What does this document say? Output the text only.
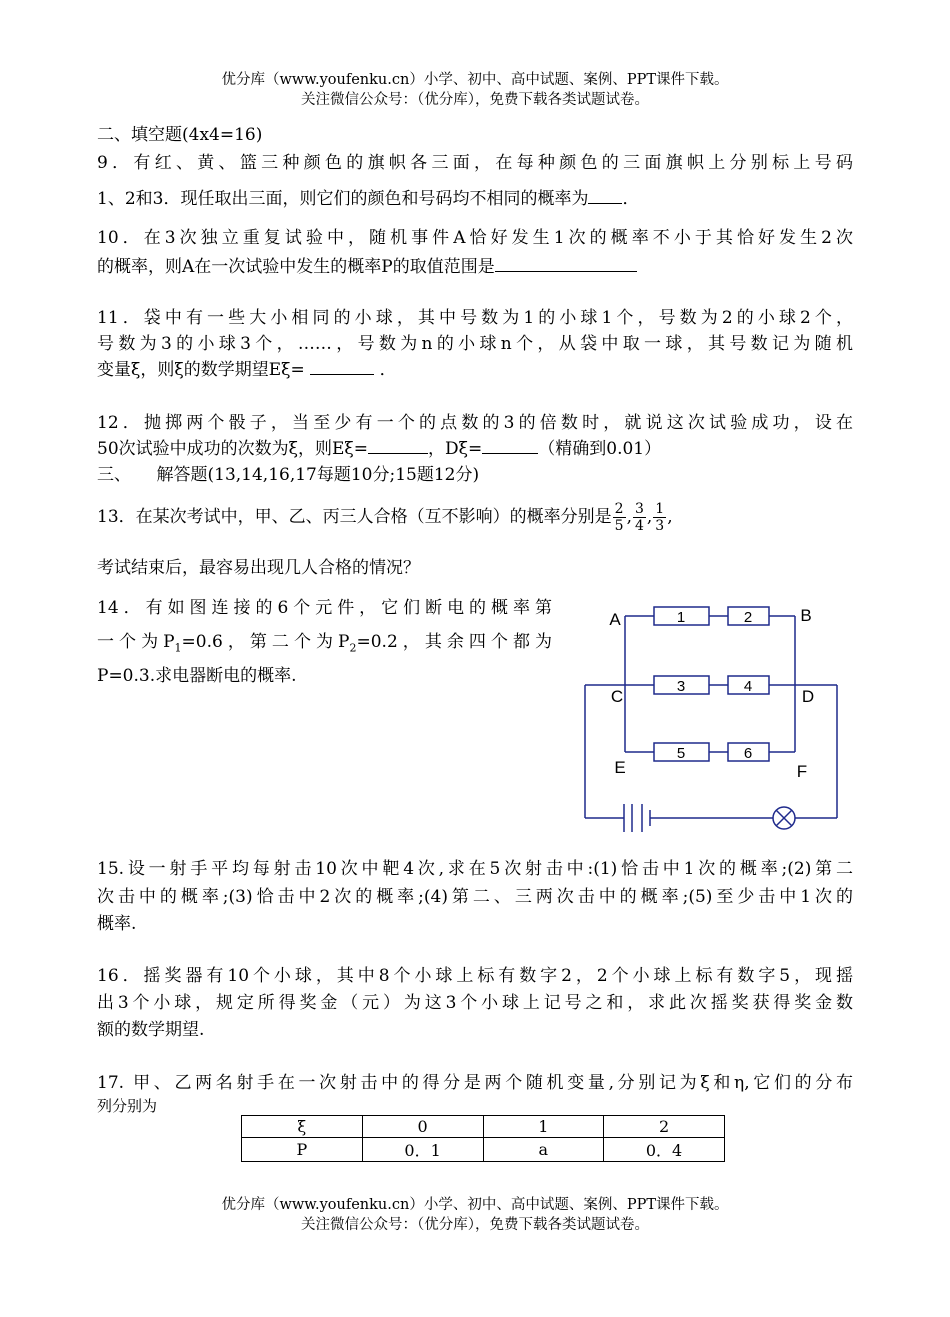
优分库（www.youfenku.cn）小学、初中、高中试题、案例、PPT课件下载。
关注微信公众号：（优分库），免费下载各类试题试卷。
二、填空题(4x4=16)
9．有红、黄、篮三种颜色的旗帜各三面，在每种颜色的三面旗帜上分别标上号码
1、2和3．现任取出三面，则它们的颜色和号码均不相同的概率为 ．
10．在3次独立重复试验中，随机事件A恰好发生1次的概率不小于其恰好发生2次
的概率，则A在一次试验中发生的概率P的取值范围是
11．袋中有一些大小相同的小球，其中号数为1的小球1个，号数为2的小球2个，
号数为3的小球3个，……，号数为n的小球n个，从袋中取一球，其号数记为随机
变量ξ，则ξ的数学期望Eξ=	．
12．抛掷两个骰子，当至少有一个的点数的3的倍数时，就说这次试验成功，设在
50次试验中成功的次数为ξ，则Eξ=	，Dξ=	（精确到0.01）
三、　　解答题(13,14,16,17每题10分;15题12分)
13．在某次考试中，甲、乙、丙三人合格（互不影响）的概率分别是 $\frac{2}{5}$ , $\frac{3}{4}$ , $\frac{1}{3}$ ,
考试结束后，最容易出现几人合格的情况？
14．有如图连接的6个元件，它们断电的概率第
一个为$P_1=0.6$，第二个为$P_2=0.2$，其余四个都为
P=0.3.求电器断电的概率.
1	2
3	4
5	6
A	B
C	D
E	F
15.设一射手平均每射击10次中靶4次,求在5次射击中:(1)恰击中1次的概率;(2)第二
次击中的概率;(3)恰击中2次的概率;(4)第二、三两次击中的概率;(5)至少击中1次的
概率.
16．摇奖器有10个小球，其中8个小球上标有数字2，2个小球上标有数字5，现摇
出3个小球，规定所得奖金（元）为这3个小球上记号之和，求此次摇奖获得奖金数
额的数学期望.
17. 甲、乙两名射手在一次射击中的得分是两个随机变量,分别记为ξ和η,它们的分布
列分别为
ξ	0	1	2
P	0．1	a	0．4
优分库（www.youfenku.cn）小学、初中、高中试题、案例、PPT课件下载。
关注微信公众号：（优分库），免费下载各类试题试卷。
